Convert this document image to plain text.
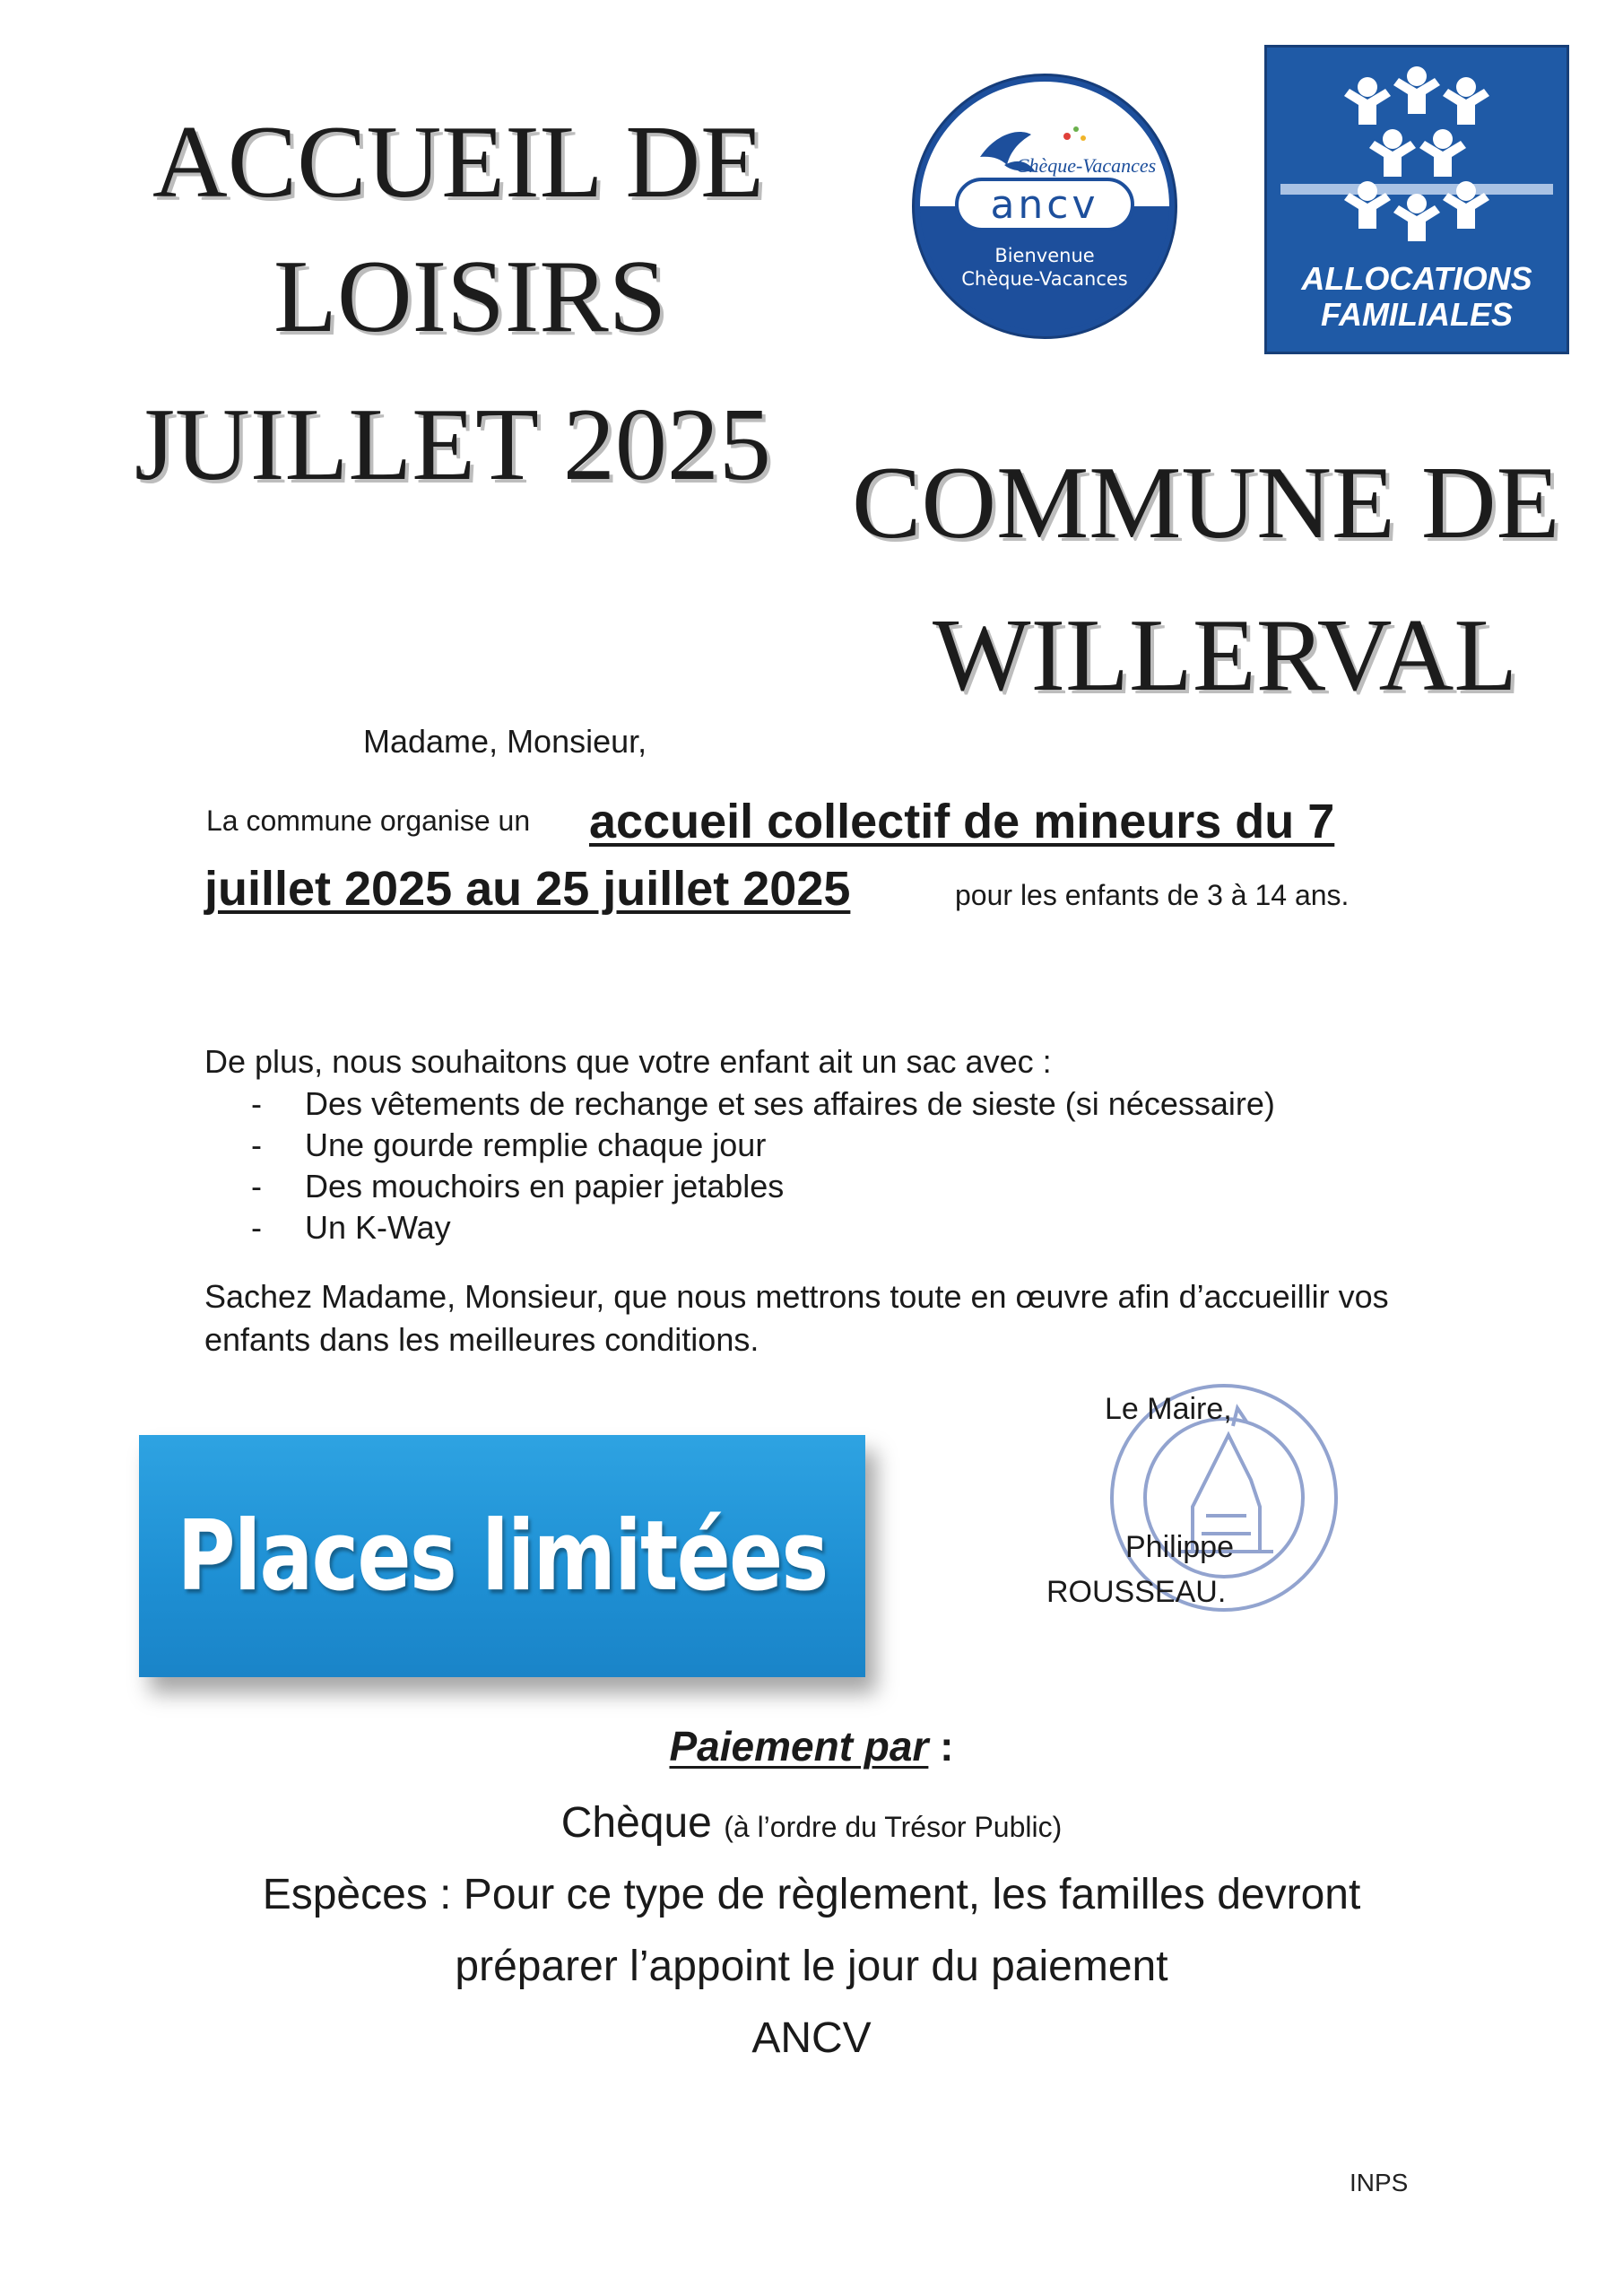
ACCUEIL DE
LOISIRS
JUILLET 2025
COMMUNE DE
WILLERVAL
Chèque-Vacances
ancv
Bienvenue
Chèque-Vacances	ALLOCATIONS
FAMILIALES
Madame, Monsieur,
La commune organise un accueil collectif de mineurs du 7
juillet 2025 au 25 juillet 2025	pour les enfants de 3 à 14 ans.
De plus, nous souhaitons que votre enfant ait un sac avec :
- Des vêtements de rechange et ses affaires de sieste (si nécessaire)
- Une gourde remplie chaque jour
- Des mouchoirs en papier jetables
- Un K-Way
Sachez Madame, Monsieur, que nous mettrons toute en œuvre afin d’accueillir vos
enfants dans les meilleures conditions.
Le Maire,
Philippe
ROUSSEAU.
Places limitées
Paiement par :
Chèque (à l’ordre du Trésor Public)
Espèces : Pour ce type de règlement, les familles devront
préparer l’appoint le jour du paiement
ANCV
INPS
